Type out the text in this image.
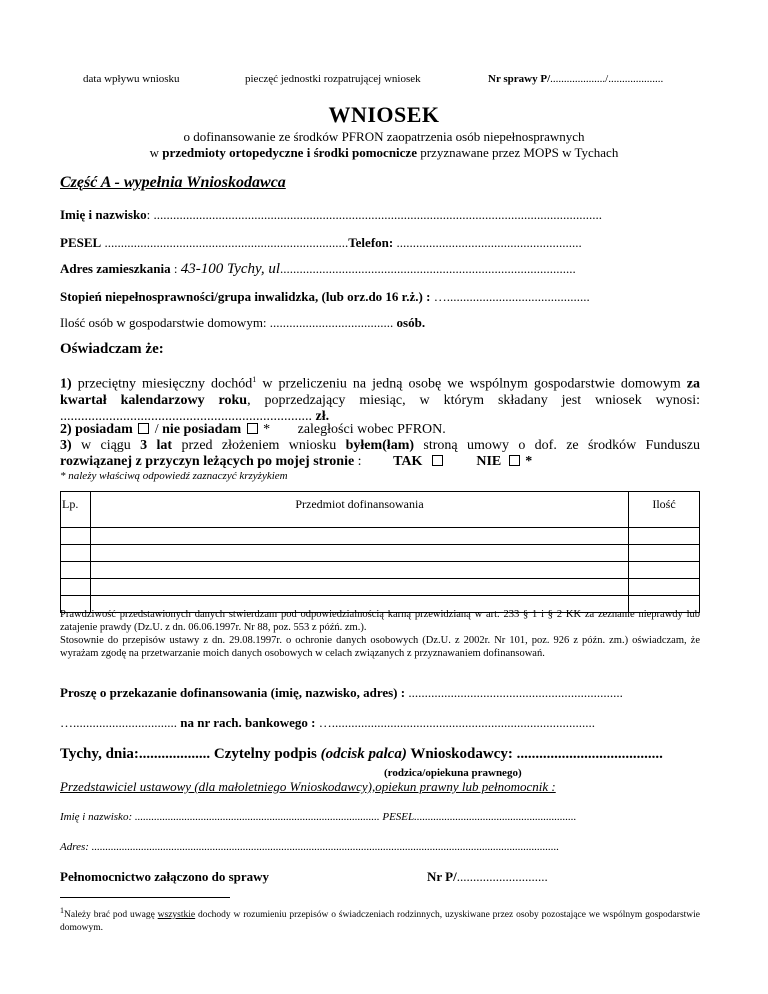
data wpływu wniosku	pieczęć jednostki rozpatrującej wniosek	Nr sprawy P/..................../....................
WNIOSEK
o dofinansowanie ze środków PFRON zaopatrzenia osób niepełnosprawnych
w przedmioty ortopedyczne i środki pomocnicze przyznawane przez MOPS w Tychach
Część A - wypełnia Wnioskodawca
Imię i nazwisko: ..........................................................................................................................................
PESEL ...........................................................................Telefon: .........................................................
Adres zamieszkania : 43-100 Tychy, ul...........................................................................................
Stopień niepełnosprawności/grupa inwalidzka, (lub orz.do 16 r.ż.) : …............................................
Ilość osób w gospodarstwie domowym: ...................................... osób.
Oświadczam że:
1) przeciętny miesięczny dochód$^1$ w przeliczeniu na jedną osobę we wspólnym gospodarstwie domowym za kwartał kalendarzowy roku, poprzedzający miesiąc, w którym składany jest wniosek wynosi: ........................................................................ zł.
2) posiadam  / nie posiadam  * zaległości wobec PFRON.
3) w ciągu 3 lat przed złożeniem wniosku byłem(łam) stroną umowy o dof. ze środków Funduszu
rozwiązanej z przyczyn leżących po mojej stronie : TAK	NIE *
* należy właściwą odpowiedź zaznaczyć krzyżykiem
Lp.	Przedmiot dofinansowania	Ilość

Prawdziwość przedstawionych danych stwierdzam pod odpowiedzialnością karną przewidzianą w art. 233 § 1 i § 2 KK za zeznanie nieprawdy lub zatajenie prawdy (Dz.U. z dn. 06.06.1997r. Nr 88, poz. 553 z późń. zm.).
Stosownie do przepisów ustawy z dn. 29.08.1997r. o ochronie danych osobowych (Dz.U. z 2002r. Nr 101, poz. 926 z późn. zm.) oświadczam, że wyrażam zgodę na przetwarzanie moich danych osobowych w celach związanych z przyznawaniem dofinansowań.
Proszę o przekazanie dofinansowania (imię, nazwisko, adres) : ..................................................................
…................................ na nr rach. bankowego : ….................................................................................
Tychy, dnia:................... Czytelny podpis (odcisk palca) Wnioskodawcy: .......................................
(rodzica/opiekuna prawnego)
Przedstawiciel ustawowy (dla małoletniego Wnioskodawcy),opiekun prawny lub pełnomocnik :
Imię i nazwisko: ......................................................................................... PESEL...........................................................
Adres: ..........................................................................................................................................................................
Pełnomocnictwo załączono do sprawy	Nr P/............................
$^1$Należy brać pod uwagę wszystkie dochody w rozumieniu przepisów o świadczeniach rodzinnych, uzyskiwane przez osoby pozostające we wspólnym gospodarstwie domowym.
